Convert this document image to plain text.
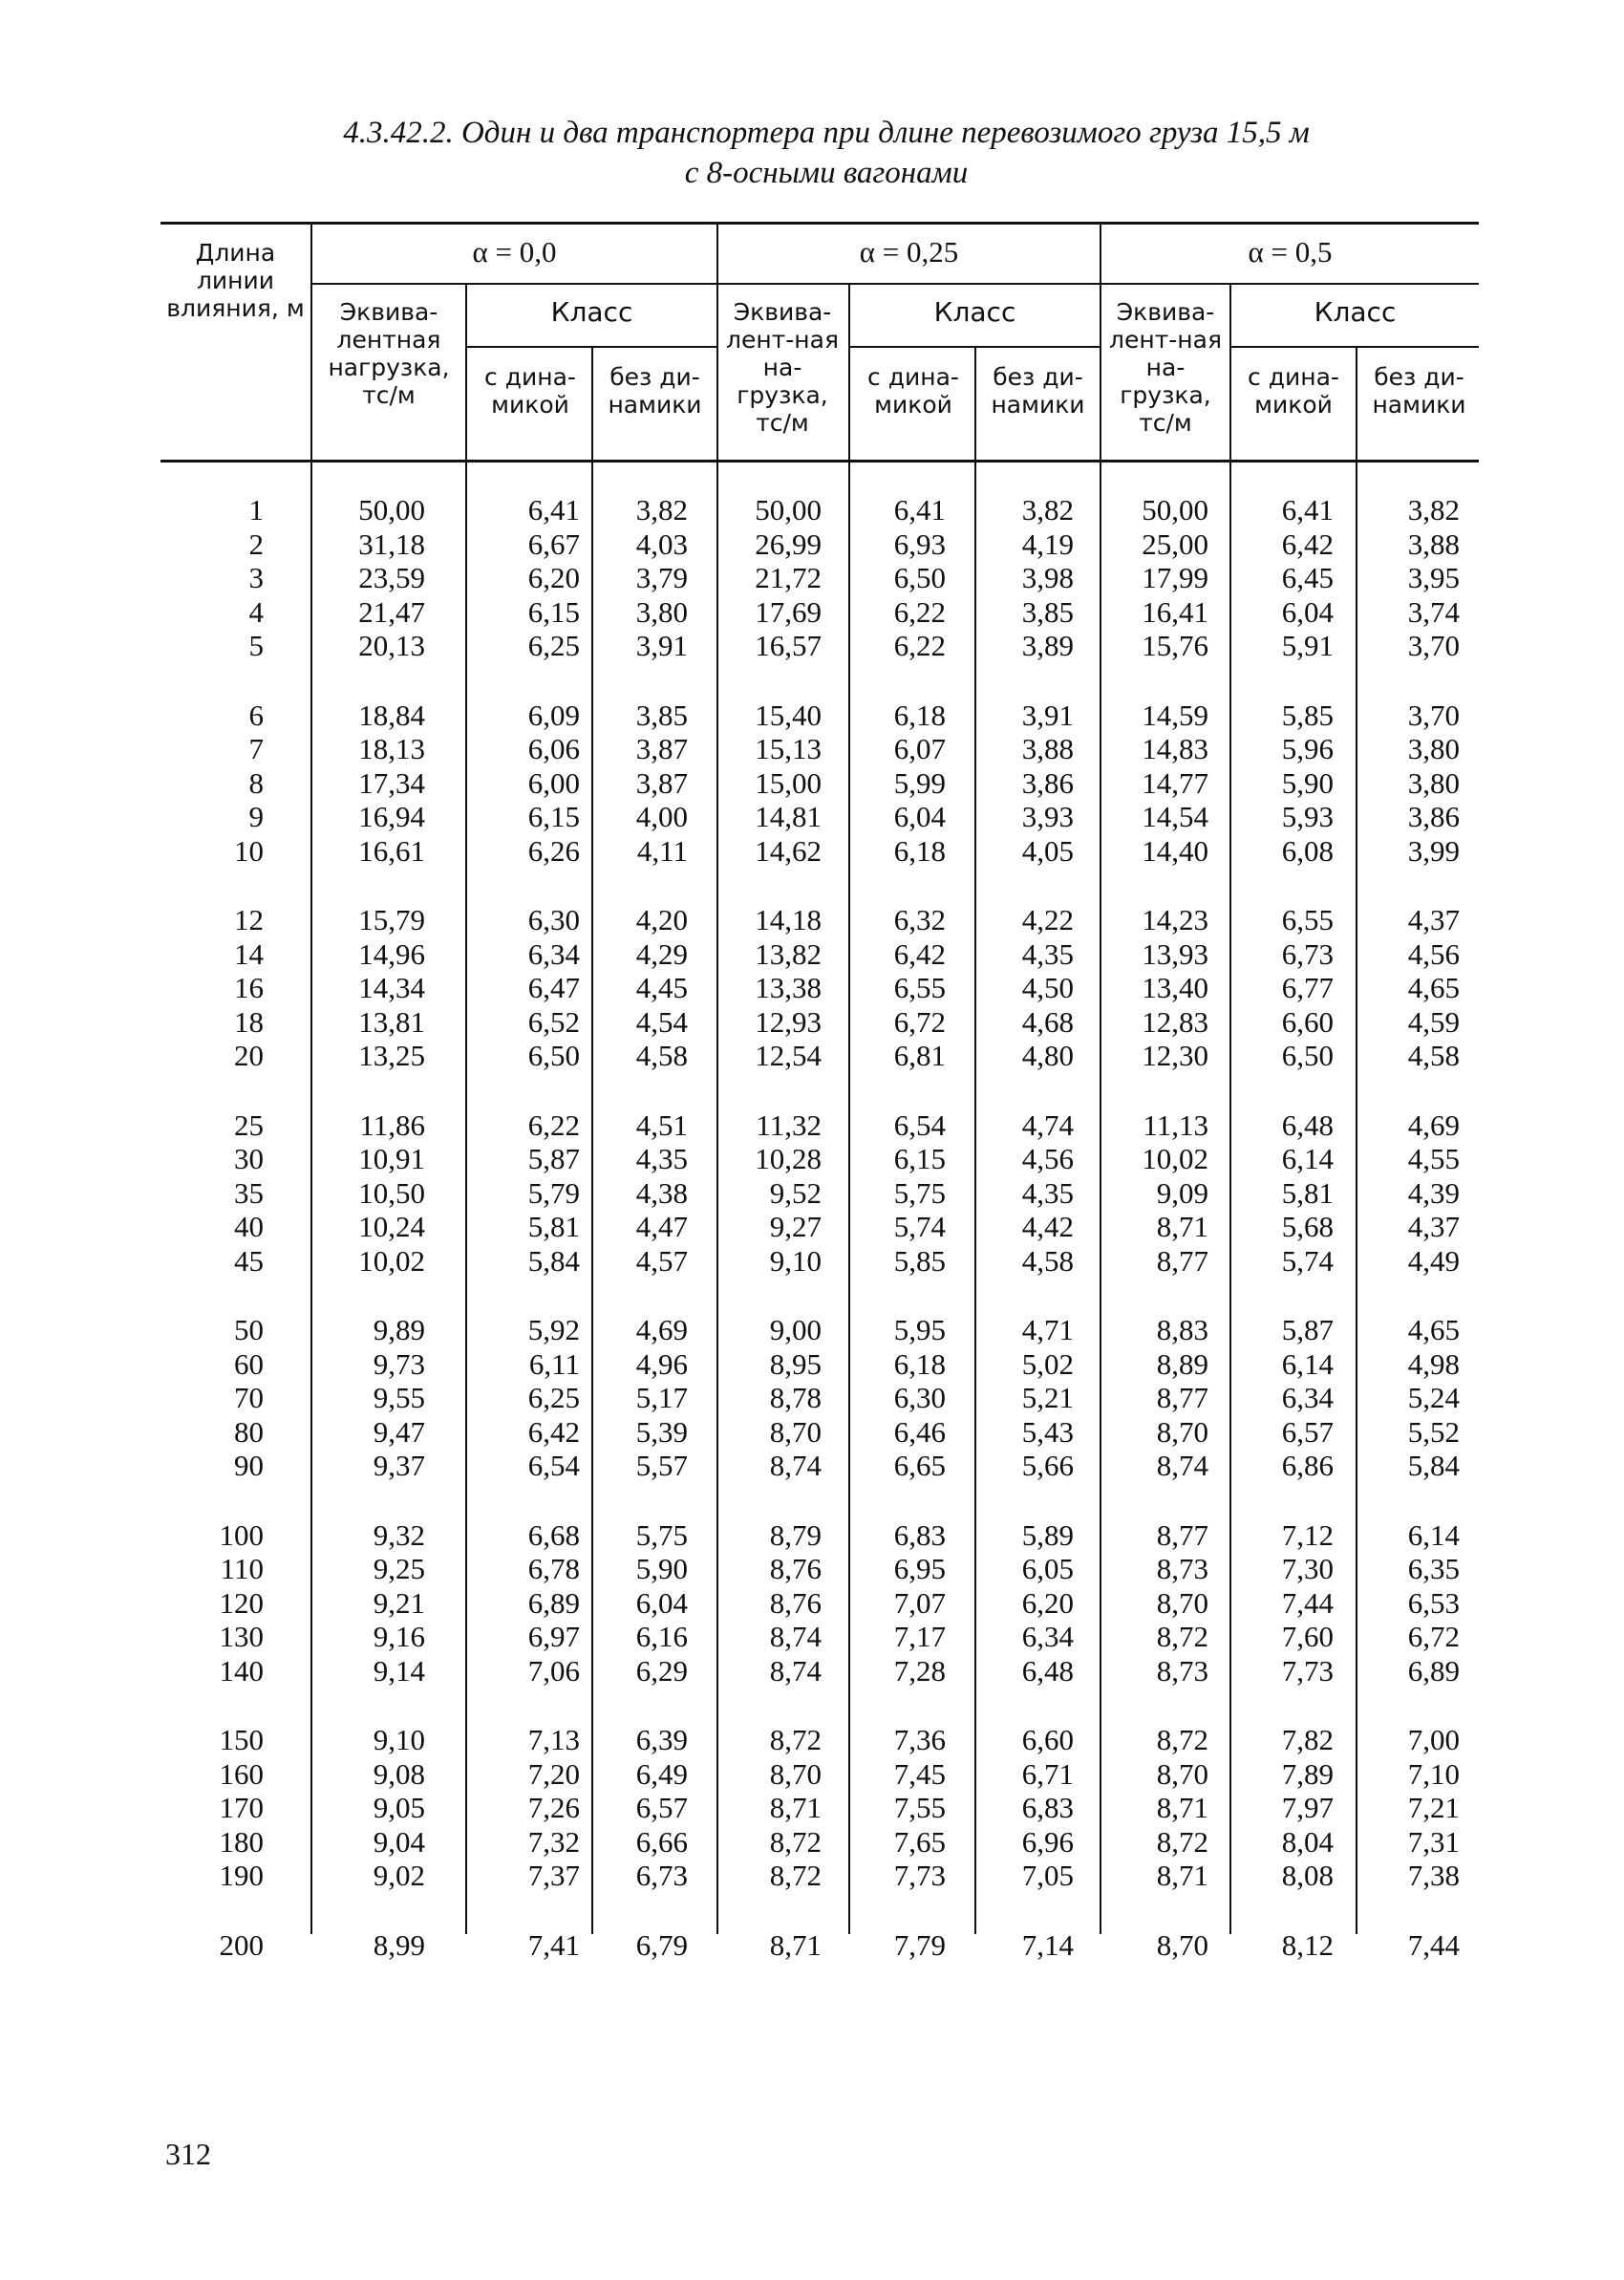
4.3.42.2. Один и два транспортера при длине перевозимого груза 15,5 м
с 8-осными вагонами
Длина линии влияния, м
α = 0,0	α = 0,25	α = 0,5
Эквива-лентная нагрузка, тс/м
Эквива-лент-ная на-грузка, тс/м
Эквива-лент-ная на-грузка, тс/м
Класс	Класс	Класс
с дина-микой
без ди-намики
с дина-микой
без ди-намики
с дина-микой
без ди-намики
1	50,00	6,41	3,82	50,00	6,41	3,82	50,00	6,41	3,82
2	31,18	6,67	4,03	26,99	6,93	4,19	25,00	6,42	3,88
3	23,59	6,20	3,79	21,72	6,50	3,98	17,99	6,45	3,95
4	21,47	6,15	3,80	17,69	6,22	3,85	16,41	6,04	3,74
5	20,13	6,25	3,91	16,57	6,22	3,89	15,76	5,91	3,70
6	18,84	6,09	3,85	15,40	6,18	3,91	14,59	5,85	3,70
7	18,13	6,06	3,87	15,13	6,07	3,88	14,83	5,96	3,80
8	17,34	6,00	3,87	15,00	5,99	3,86	14,77	5,90	3,80
9	16,94	6,15	4,00	14,81	6,04	3,93	14,54	5,93	3,86
10	16,61	6,26	4,11	14,62	6,18	4,05	14,40	6,08	3,99
12	15,79	6,30	4,20	14,18	6,32	4,22	14,23	6,55	4,37
14	14,96	6,34	4,29	13,82	6,42	4,35	13,93	6,73	4,56
16	14,34	6,47	4,45	13,38	6,55	4,50	13,40	6,77	4,65
18	13,81	6,52	4,54	12,93	6,72	4,68	12,83	6,60	4,59
20	13,25	6,50	4,58	12,54	6,81	4,80	12,30	6,50	4,58
25	11,86	6,22	4,51	11,32	6,54	4,74	11,13	6,48	4,69
30	10,91	5,87	4,35	10,28	6,15	4,56	10,02	6,14	4,55
35	10,50	5,79	4,38	9,52	5,75	4,35	9,09	5,81	4,39
40	10,24	5,81	4,47	9,27	5,74	4,42	8,71	5,68	4,37
45	10,02	5,84	4,57	9,10	5,85	4,58	8,77	5,74	4,49
50	9,89	5,92	4,69	9,00	5,95	4,71	8,83	5,87	4,65
60	9,73	6,11	4,96	8,95	6,18	5,02	8,89	6,14	4,98
70	9,55	6,25	5,17	8,78	6,30	5,21	8,77	6,34	5,24
80	9,47	6,42	5,39	8,70	6,46	5,43	8,70	6,57	5,52
90	9,37	6,54	5,57	8,74	6,65	5,66	8,74	6,86	5,84
100	9,32	6,68	5,75	8,79	6,83	5,89	8,77	7,12	6,14
110	9,25	6,78	5,90	8,76	6,95	6,05	8,73	7,30	6,35
120	9,21	6,89	6,04	8,76	7,07	6,20	8,70	7,44	6,53
130	9,16	6,97	6,16	8,74	7,17	6,34	8,72	7,60	6,72
140	9,14	7,06	6,29	8,74	7,28	6,48	8,73	7,73	6,89
150	9,10	7,13	6,39	8,72	7,36	6,60	8,72	7,82	7,00
160	9,08	7,20	6,49	8,70	7,45	6,71	8,70	7,89	7,10
170	9,05	7,26	6,57	8,71	7,55	6,83	8,71	7,97	7,21
180	9,04	7,32	6,66	8,72	7,65	6,96	8,72	8,04	7,31
190	9,02	7,37	6,73	8,72	7,73	7,05	8,71	8,08	7,38
200	8,99	7,41	6,79	8,71	7,79	7,14	8,70	8,12	7,44
312
